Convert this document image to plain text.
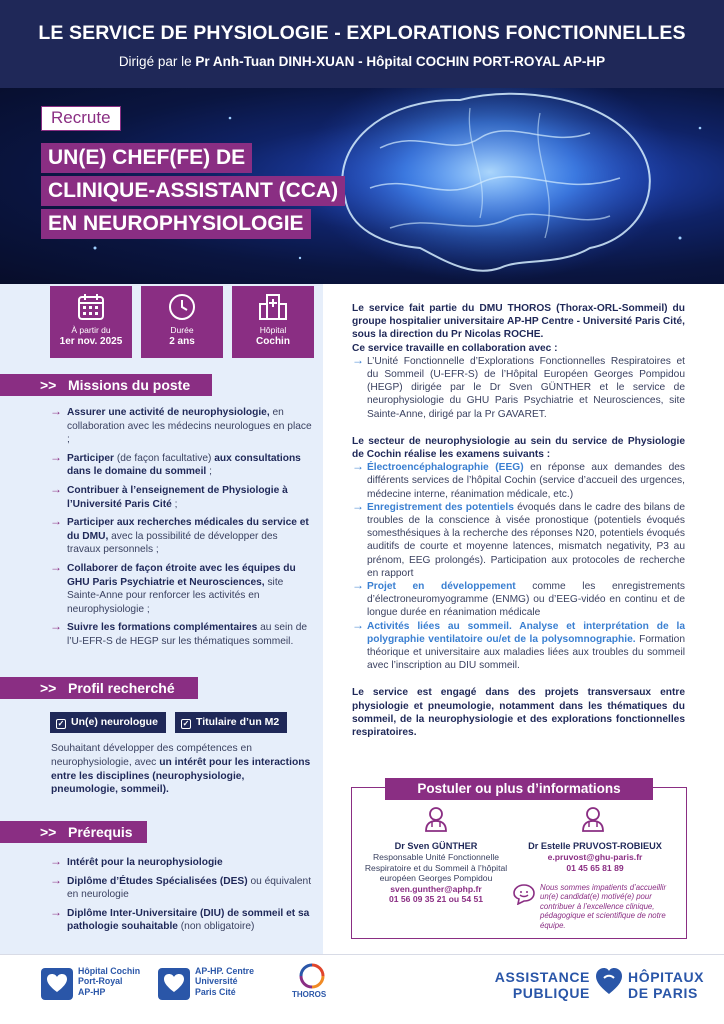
LE SERVICE DE PHYSIOLOGIE - EXPLORATIONS FONCTIONNELLES
Dirigé par le Pr Anh-Tuan DINH-XUAN - Hôpital COCHIN PORT-ROYAL AP-HP
Recrute
UN(E) CHEF(FE) DE
CLINIQUE-ASSISTANT (CCA)
EN NEUROPHYSIOLOGIE
À partir du
1er nov. 2025
Durée
2 ans
Hôpital
Cochin
>> Missions du poste
→ Assurer une activité de neurophysiologie, en collaboration avec les médecins neurologues en place ;
→ Participer (de façon facultative) aux consultations dans le domaine du sommeil ;
→ Contribuer à l’enseignement de Physiologie à l’Université Paris Cité ;
→ Participer aux recherches médicales du service et du DMU, avec la possibilité de développer des travaux personnels ;
→ Collaborer de façon étroite avec les équipes du GHU Paris Psychiatrie et Neurosciences, site Sainte-Anne pour renforcer les activités en neurophysiologie ;
→ Suivre les formations complémentaires au sein de l’U-EFR-S de HEGP sur les thématiques sommeil.
>> Profil recherché
✓ Un(e) neurologue	✓ Titulaire d’un M2
Souhaitant développer des compétences en neurophysiologie, avec un intérêt pour les interactions entre les disciplines (neurophysiologie, pneumologie, sommeil).
>> Prérequis
→ Intérêt pour la neurophysiologie
→ Diplôme d’Études Spécialisées (DES) ou équivalent en neurologie
→ Diplôme Inter-Universitaire (DIU) de sommeil et sa pathologie souhaitable (non obligatoire)
Le service fait partie du DMU THOROS (Thorax-ORL-Sommeil) du groupe hospitalier universitaire AP-HP Centre - Université Paris Cité, sous la direction du Pr Nicolas ROCHE.
Ce service travaille en collaboration avec :
→ L’Unité Fonctionnelle d’Explorations Fonctionnelles Respiratoires et du Sommeil (U-EFR-S) de l’Hôpital Européen Georges Pompidou (HEGP) dirigée par le Dr Sven GÜNTHER et le service de neurophysiologie du GHU Paris Psychiatrie et Neurosciences, site Sainte-Anne, dirigé par la Pr GAVARET.
Le secteur de neurophysiologie au sein du service de Physiologie de Cochin réalise les examens suivants :
→ Électroencéphalographie (EEG) en réponse aux demandes des différents services de l’hôpital Cochin (service d’accueil des urgences, médecine interne, réanimation médicale, etc.)
→ Enregistrement des potentiels évoqués dans le cadre des bilans de troubles de la conscience à visée pronostique (potentiels évoqués somesthésiques à la recherche des réponses N20, potentiels évoqués auditifs de courte et moyenne latences, mismatch negativity, P3 au prénom, EEG prolongés). Participation aux protocoles de recherche en rapport
→ Projet en développement comme les enregistrements d’électroneuromyogramme (ENMG) ou d’EEG-vidéo en continu et de longue durée en réanimation médicale
→ Activités liées au sommeil. Analyse et interprétation de la polygraphie ventilatoire ou/et de la polysomnographie. Formation théorique et universitaire aux maladies liées aux troubles du sommeil avec l’inscription au DIU sommeil.
Le service est engagé dans des projets transversaux entre physiologie et pneumologie, notamment dans les thématiques du sommeil, de la neurophysiologie et des explorations fonctionnelles respiratoires.
Postuler ou plus d’informations
Dr Sven GÜNTHER
Responsable Unité Fonctionnelle Respiratoire et du Sommeil à l’hôpital européen Georges Pompidou
sven.gunther@aphp.fr
01 56 09 35 21 ou 54 51
Dr Estelle PRUVOST-ROBIEUX
e.pruvost@ghu-paris.fr
01 45 65 81 89
Nous sommes impatients d’accueillir un(e) candidat(e) motivé(e) pour contribuer à l’excellence clinique, pédagogique et scientifique de notre équipe.
Hôpital Cochin
Port-Royal
AP-HP
AP-HP. Centre
Université
Paris Cité	THOROS
ASSISTANCE
PUBLIQUE
HÔPITAUX
DE PARIS
